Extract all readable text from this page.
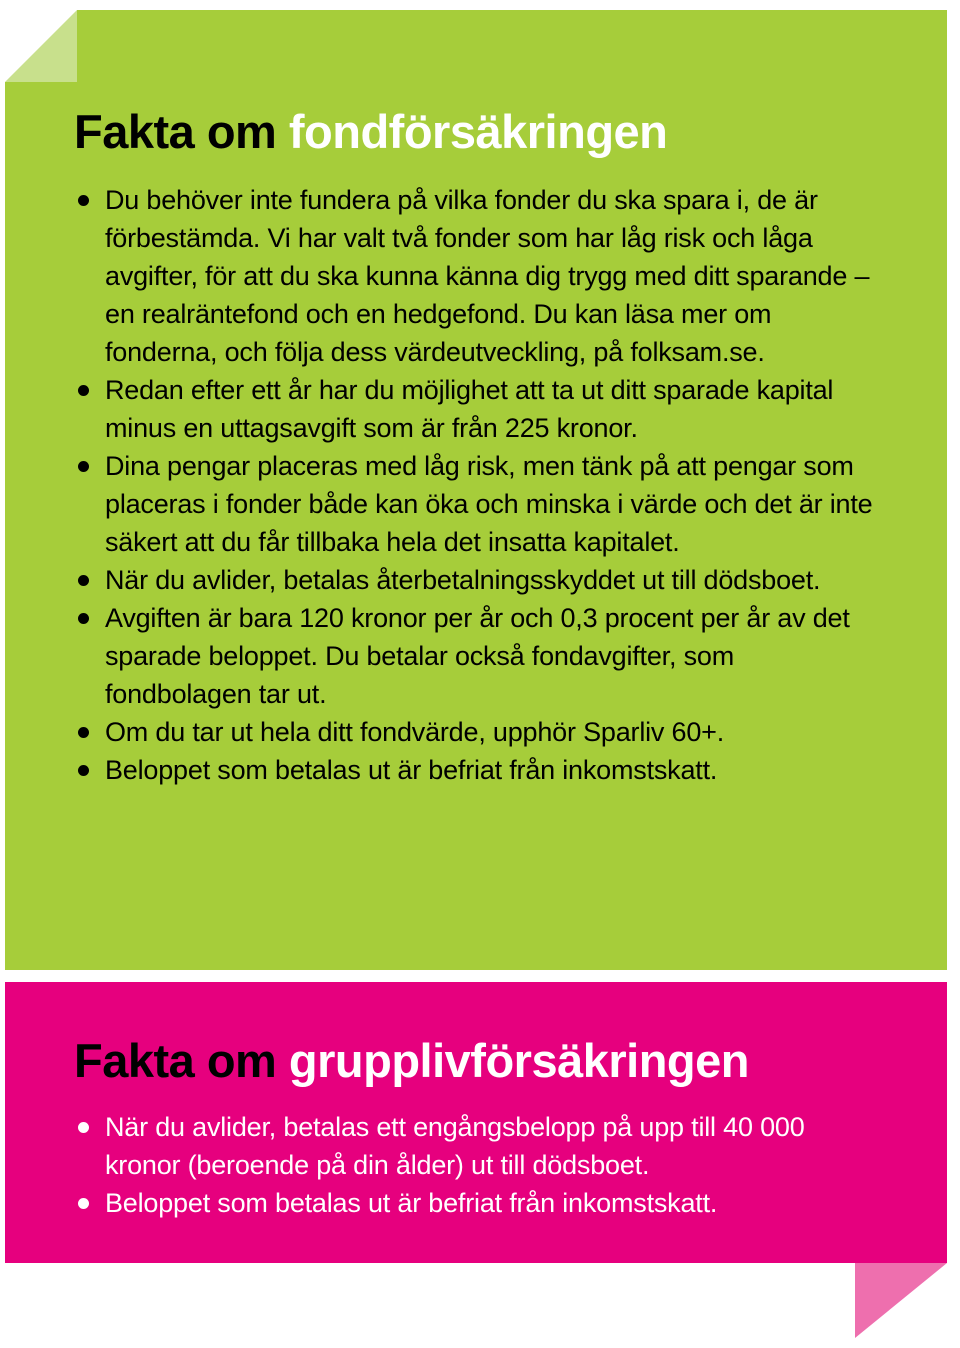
Fakta om fondförsäkringen
Du behöver inte fundera på vilka fonder du ska spara i, de är förbestämda. Vi har valt två fonder som har låg risk och låga avgifter, för att du ska kunna känna dig trygg med ditt sparande – en realräntefond och en hedgefond. Du kan läsa mer om fonderna, och följa dess värdeutveckling, på folksam.se.
Redan efter ett år har du möjlighet att ta ut ditt sparade kapital minus en uttagsavgift som är från 225 kronor.
Dina pengar placeras med låg risk, men tänk på att pengar som placeras i fonder både kan öka och minska i värde och det är inte säkert att du får tillbaka hela det insatta kapitalet.
När du avlider, betalas återbetalningsskyddet ut till dödsboet.
Avgiften är bara 120 kronor per år och 0,3 procent per år av det sparade beloppet. Du betalar också fondavgifter, som fondbolagen tar ut.
Om du tar ut hela ditt fondvärde, upphör Sparliv 60+.
Beloppet som betalas ut är befriat från inkomstskatt.
Fakta om grupplivförsäkringen
När du avlider, betalas ett engångsbelopp på upp till 40 000 kronor (beroende på din ålder) ut till dödsboet.
Beloppet som betalas ut är befriat från inkomstskatt.
